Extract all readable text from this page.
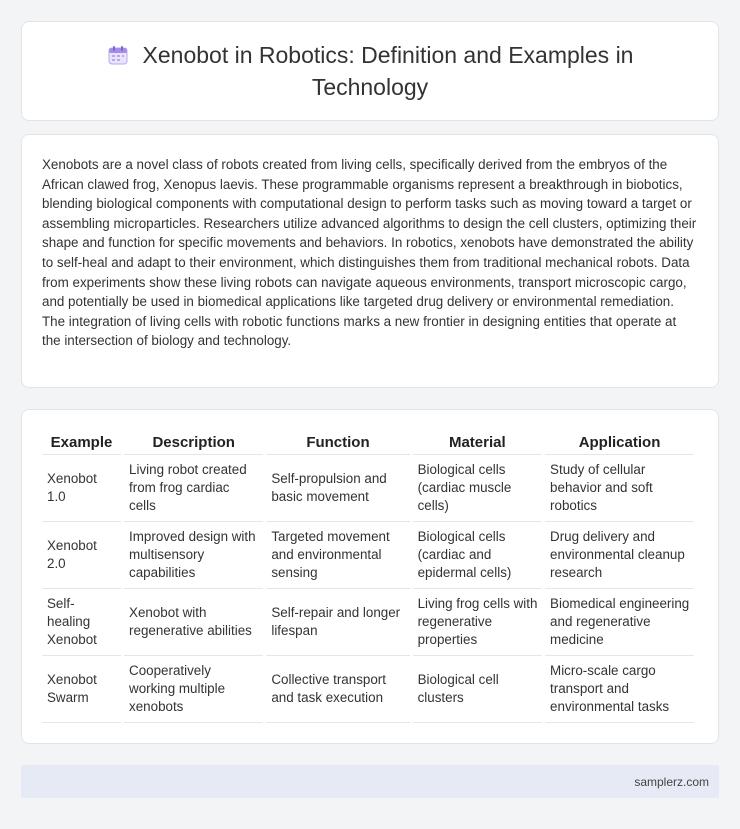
Xenobot in Robotics: Definition and Examples in Technology

Xenobots are a novel class of robots created from living cells, specifically derived from the embryos of the African clawed frog, Xenopus laevis. These programmable organisms represent a breakthrough in biobotics, blending biological components with computational design to perform tasks such as moving toward a target or assembling microparticles. Researchers utilize advanced algorithms to design the cell clusters, optimizing their shape and function for specific movements and behaviors. In robotics, xenobots have demonstrated the ability to self-heal and adapt to their environment, which distinguishes them from traditional mechanical robots. Data from experiments show these living robots can navigate aqueous environments, transport microscopic cargo, and potentially be used in biomedical applications like targeted drug delivery or environmental remediation. The integration of living cells with robotic functions marks a new frontier in designing entities that operate at the intersection of biology and technology.

Example	Description	Function	Material	Application
Xenobot 1.0	Living robot created from frog cardiac cells	Self-propulsion and basic movement	Biological cells (cardiac muscle cells)	Study of cellular behavior and soft robotics
Xenobot 2.0	Improved design with multisensory capabilities	Targeted movement and environmental sensing	Biological cells (cardiac and epidermal cells)	Drug delivery and environmental cleanup research
Self-healing Xenobot	Xenobot with regenerative abilities	Self-repair and longer lifespan	Living frog cells with regenerative properties	Biomedical engineering and regenerative medicine
Xenobot Swarm	Cooperatively working multiple xenobots	Collective transport and task execution	Biological cell clusters	Micro-scale cargo transport and environmental tasks
samplerz.com
